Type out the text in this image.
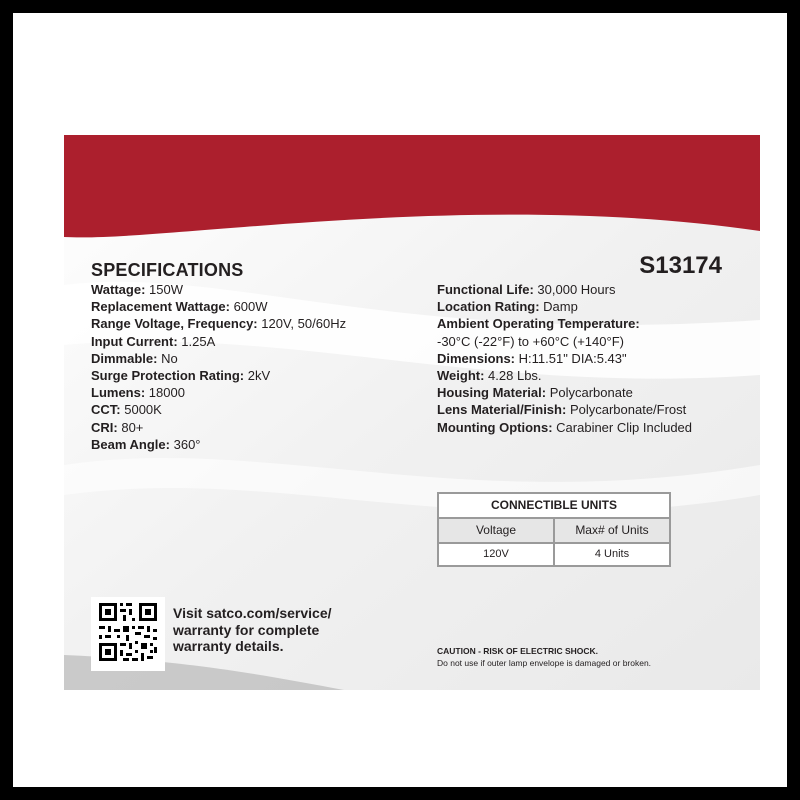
SPECIFICATIONS	S13174
Wattage: 150W
Replacement Wattage: 600W
Range Voltage, Frequency: 120V, 50/60Hz
Input Current: 1.25A
Dimmable: No
Surge Protection Rating: 2kV
Lumens: 18000
CCT: 5000K
CRI: 80+
Beam Angle: 360°
Functional Life: 30,000 Hours
Location Rating: Damp
Ambient Operating Temperature:
-30°C (-22°F) to +60°C (+140°F)
Dimensions: H:11.51" DIA:5.43"
Weight: 4.28 Lbs.
Housing Material: Polycarbonate
Lens Material/Finish: Polycarbonate/Frost
Mounting Options: Carabiner Clip Included
CONNECTIBLE UNITS
Voltage	Max# of Units
120V	4 Units
Visit satco.com/service/
warranty for complete
warranty details.	CAUTION - RISK OF ELECTRIC SHOCK.
Do not use if outer lamp envelope is damaged or broken.
